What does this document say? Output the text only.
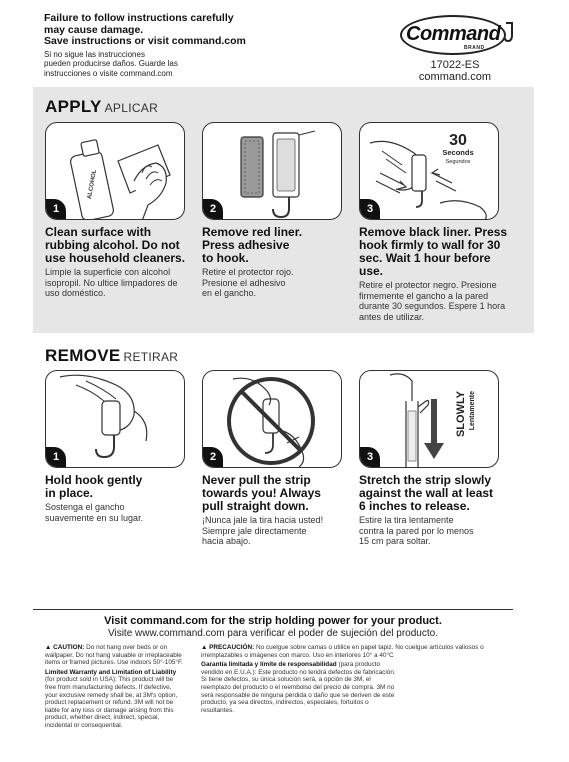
Failure to follow instructions carefully
may cause damage.
Save instructions or visit command.com
Si no sigue las instrucciones
pueden producirse daños. Guarde las
instrucciones o visite command.com
Command
BRAND
17022-ES
command.com
APPLY APLICAR
ALCOHOL
1
Clean surface with
rubbing alcohol. Do not
use household cleaners.
Limpie la superficie con alcohol
isopropil. No ultice limpadores de
uso doméstico.
2
Remove red liner.
Press adhesive
to hook.
Retire el protector rojo.
Presione el adhesivo
en el gancho.
30
Seconds
Segundos
3
Remove black liner. Press
hook firmly to wall for 30
sec. Wait 1 hour before use.
Retire el protector negro. Presione
firmemente el gancho a la pared
durante 30 segundos. Espere 1 hora
antes de utilizar.
REMOVE RETIRAR
1
Hold hook gently
in place.
Sostenga el gancho
suavemente en su lugar.
2
Never pull the strip
towards you! Always
pull straight down.
¡Nunca jale la tira hacia usted!
Siempre jale directamente
hacia abajo.
SLOWLY Lentamente
3
Stretch the strip slowly
against the wall at least
6 inches to release.
Estire la tira lentamente
contra la pared por lo menos
15 cm para soltar.
Visit command.com for the strip holding power for your product.
Visite www.command.com para verificar el poder de sujeción del producto.
▲ CAUTION: Do not hang over beds or on wallpaper. Do not hang valuable or irreplaceable items or framed pictures. Use indoors 50°-105°F.
Limited Warranty and Limitation of Liability (for product sold in USA): This product will be free from manufacturing defects. If defective, your exclusive remedy shall be, at 3M's option, product replacement or refund. 3M will not be liable for any loss or damage arising from this product, whether direct, indirect, special, incidental or consequential.
▲ PRECAUCIÓN: No cuelgue sobre camas o utilice en papel tapiz. No cuelgue artículos valiosos o irremplazables o imágenes con marco. Uso en interiores 10° a 40°C
Garantía limitada y límite de responsabilidad (para producto vendido en E.U.A.): Este producto no tendrá defectos de fabricación. Si tiene defectos, su única solución será, a opción de 3M, el reemplazo del producto o el reembolso del precio de compra. 3M no será responsable de ninguna pérdida o daño que se deriven de este producto, ya sea directos, indirectos, especiales, fortuitos o resultantes.
